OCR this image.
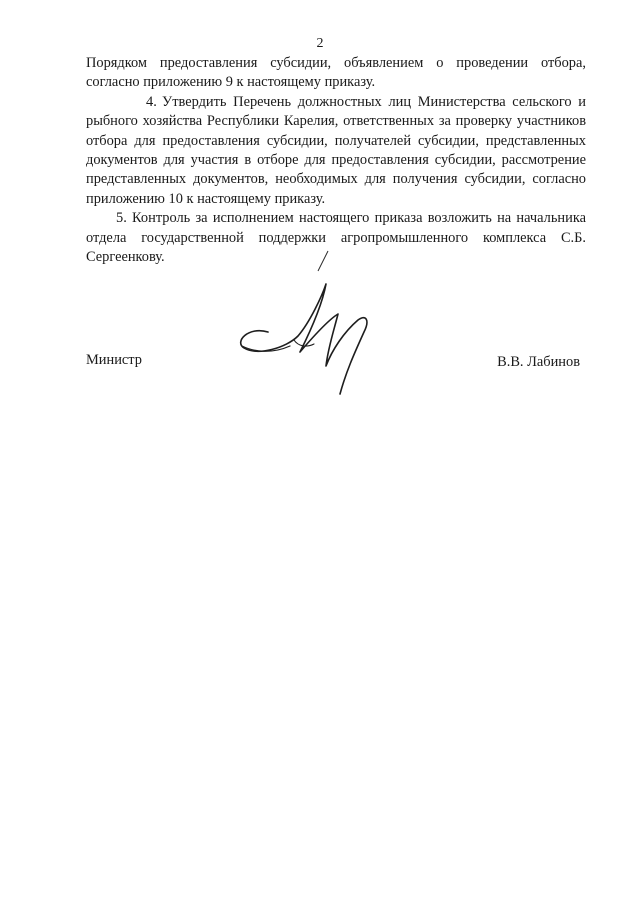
2

Порядком предоставления субсидии, объявлением о проведении отбора, согласно приложению 9 к настоящему приказу.

4. Утвердить Перечень должностных лиц Министерства сельского и рыбного хозяйства Республики Карелия, ответственных за проверку участников отбора для предоставления субсидии, получателей субсидии, представленных документов для участия в отборе для предоставления субсидии, рассмотрение представленных документов, необходимых для получения субсидии, согласно приложению 10 к настоящему приказу.

5. Контроль за исполнением настоящего приказа возложить на начальника отдела государственной поддержки агропромышленного комплекса С.Б. Сергеенкову.

Министр	В.В. Лабинов
